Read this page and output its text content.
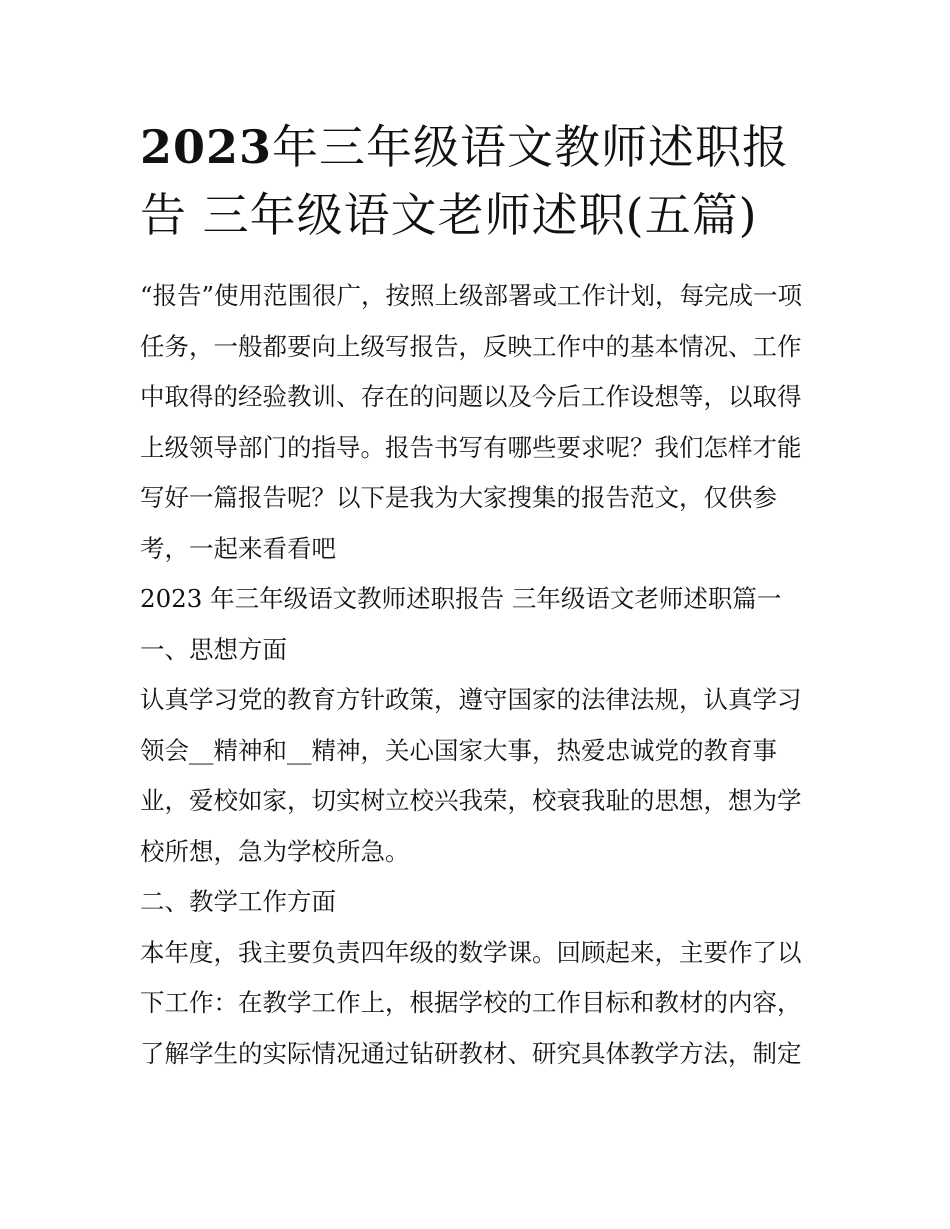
2023年三年级语文教师述职报
告 三年级语文老师述职(五篇)
“报告”使用范围很广，按照上级部署或工作计划，每完成一项
任务，一般都要向上级写报告，反映工作中的基本情况、工作
中取得的经验教训、存在的问题以及今后工作设想等，以取得
上级领导部门的指导。报告书写有哪些要求呢？我们怎样才能
写好一篇报告呢？以下是我为大家搜集的报告范文，仅供参
考，一起来看看吧
2023 年三年级语文教师述职报告 三年级语文老师述职篇一
一、思想方面
认真学习党的教育方针政策，遵守国家的法律法规，认真学习
领会__精神和__精神，关心国家大事，热爱忠诚党的教育事
业，爱校如家，切实树立校兴我荣，校衰我耻的思想，想为学
校所想，急为学校所急。
二、教学工作方面
本年度，我主要负责四年级的数学课。回顾起来，主要作了以
下工作：在教学工作上，根据学校的工作目标和教材的内容，
了解学生的实际情况通过钻研教材、研究具体教学方法，制定
